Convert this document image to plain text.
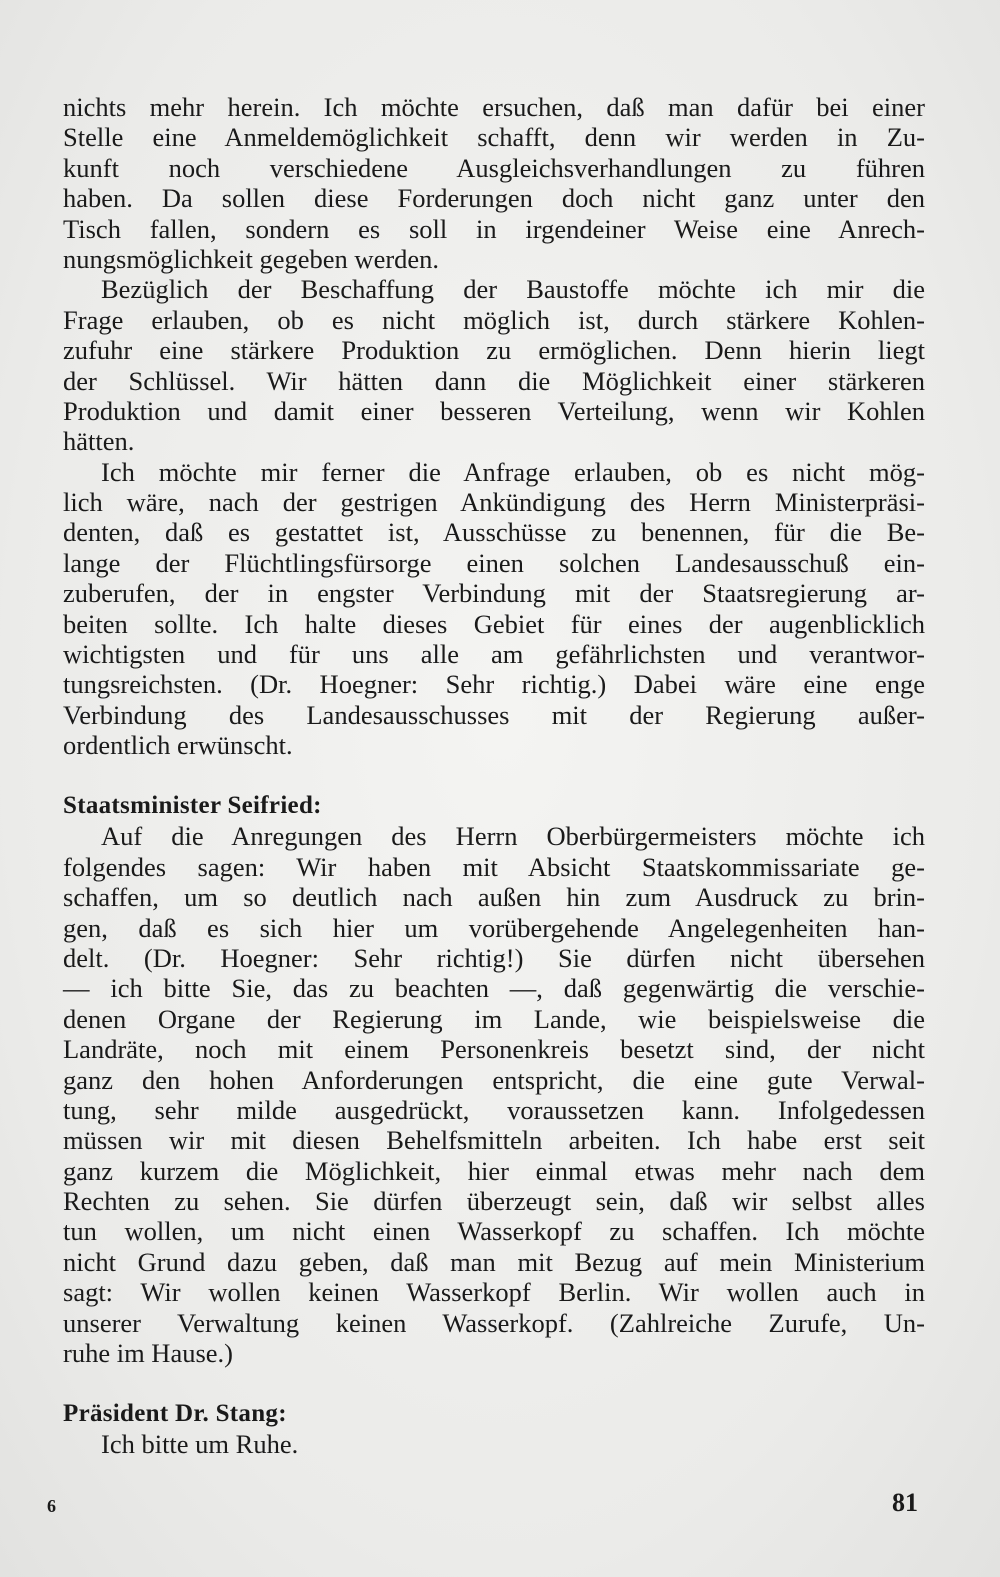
nichts mehr herein. Ich möchte ersuchen, daß man dafür bei einer
Stelle eine Anmeldemöglichkeit schafft, denn wir werden in Zu-
kunft noch verschiedene Ausgleichsverhandlungen zu führen
haben. Da sollen diese Forderungen doch nicht ganz unter den
Tisch fallen, sondern es soll in irgendeiner Weise eine Anrech-
nungsmöglichkeit gegeben werden.
Bezüglich der Beschaffung der Baustoffe möchte ich mir die
Frage erlauben, ob es nicht möglich ist, durch stärkere Kohlen-
zufuhr eine stärkere Produktion zu ermöglichen. Denn hierin liegt
der Schlüssel. Wir hätten dann die Möglichkeit einer stärkeren
Produktion und damit einer besseren Verteilung, wenn wir Kohlen
hätten.
Ich möchte mir ferner die Anfrage erlauben, ob es nicht mög-
lich wäre, nach der gestrigen Ankündigung des Herrn Ministerpräsi-
denten, daß es gestattet ist, Ausschüsse zu benennen, für die Be-
lange der Flüchtlingsfürsorge einen solchen Landesausschuß ein-
zuberufen, der in engster Verbindung mit der Staatsregierung ar-
beiten sollte. Ich halte dieses Gebiet für eines der augenblicklich
wichtigsten und für uns alle am gefährlichsten und verantwor-
tungsreichsten. (Dr. Hoegner: Sehr richtig.) Dabei wäre eine enge
Verbindung des Landesausschusses mit der Regierung außer-
ordentlich erwünscht.
Staatsminister Seifried:
Auf die Anregungen des Herrn Oberbürgermeisters möchte ich
folgendes sagen: Wir haben mit Absicht Staatskommissariate ge-
schaffen, um so deutlich nach außen hin zum Ausdruck zu brin-
gen, daß es sich hier um vorübergehende Angelegenheiten han-
delt. (Dr. Hoegner: Sehr richtig!) Sie dürfen nicht übersehen
— ich bitte Sie, das zu beachten —, daß gegenwärtig die verschie-
denen Organe der Regierung im Lande, wie beispielsweise die
Landräte, noch mit einem Personenkreis besetzt sind, der nicht
ganz den hohen Anforderungen entspricht, die eine gute Verwal-
tung, sehr milde ausgedrückt, voraussetzen kann. Infolgedessen
müssen wir mit diesen Behelfsmitteln arbeiten. Ich habe erst seit
ganz kurzem die Möglichkeit, hier einmal etwas mehr nach dem
Rechten zu sehen. Sie dürfen überzeugt sein, daß wir selbst alles
tun wollen, um nicht einen Wasserkopf zu schaffen. Ich möchte
nicht Grund dazu geben, daß man mit Bezug auf mein Ministerium
sagt: Wir wollen keinen Wasserkopf Berlin. Wir wollen auch in
unserer Verwaltung keinen Wasserkopf. (Zahlreiche Zurufe, Un-
ruhe im Hause.)
Präsident Dr. Stang:
Ich bitte um Ruhe.
6	81
